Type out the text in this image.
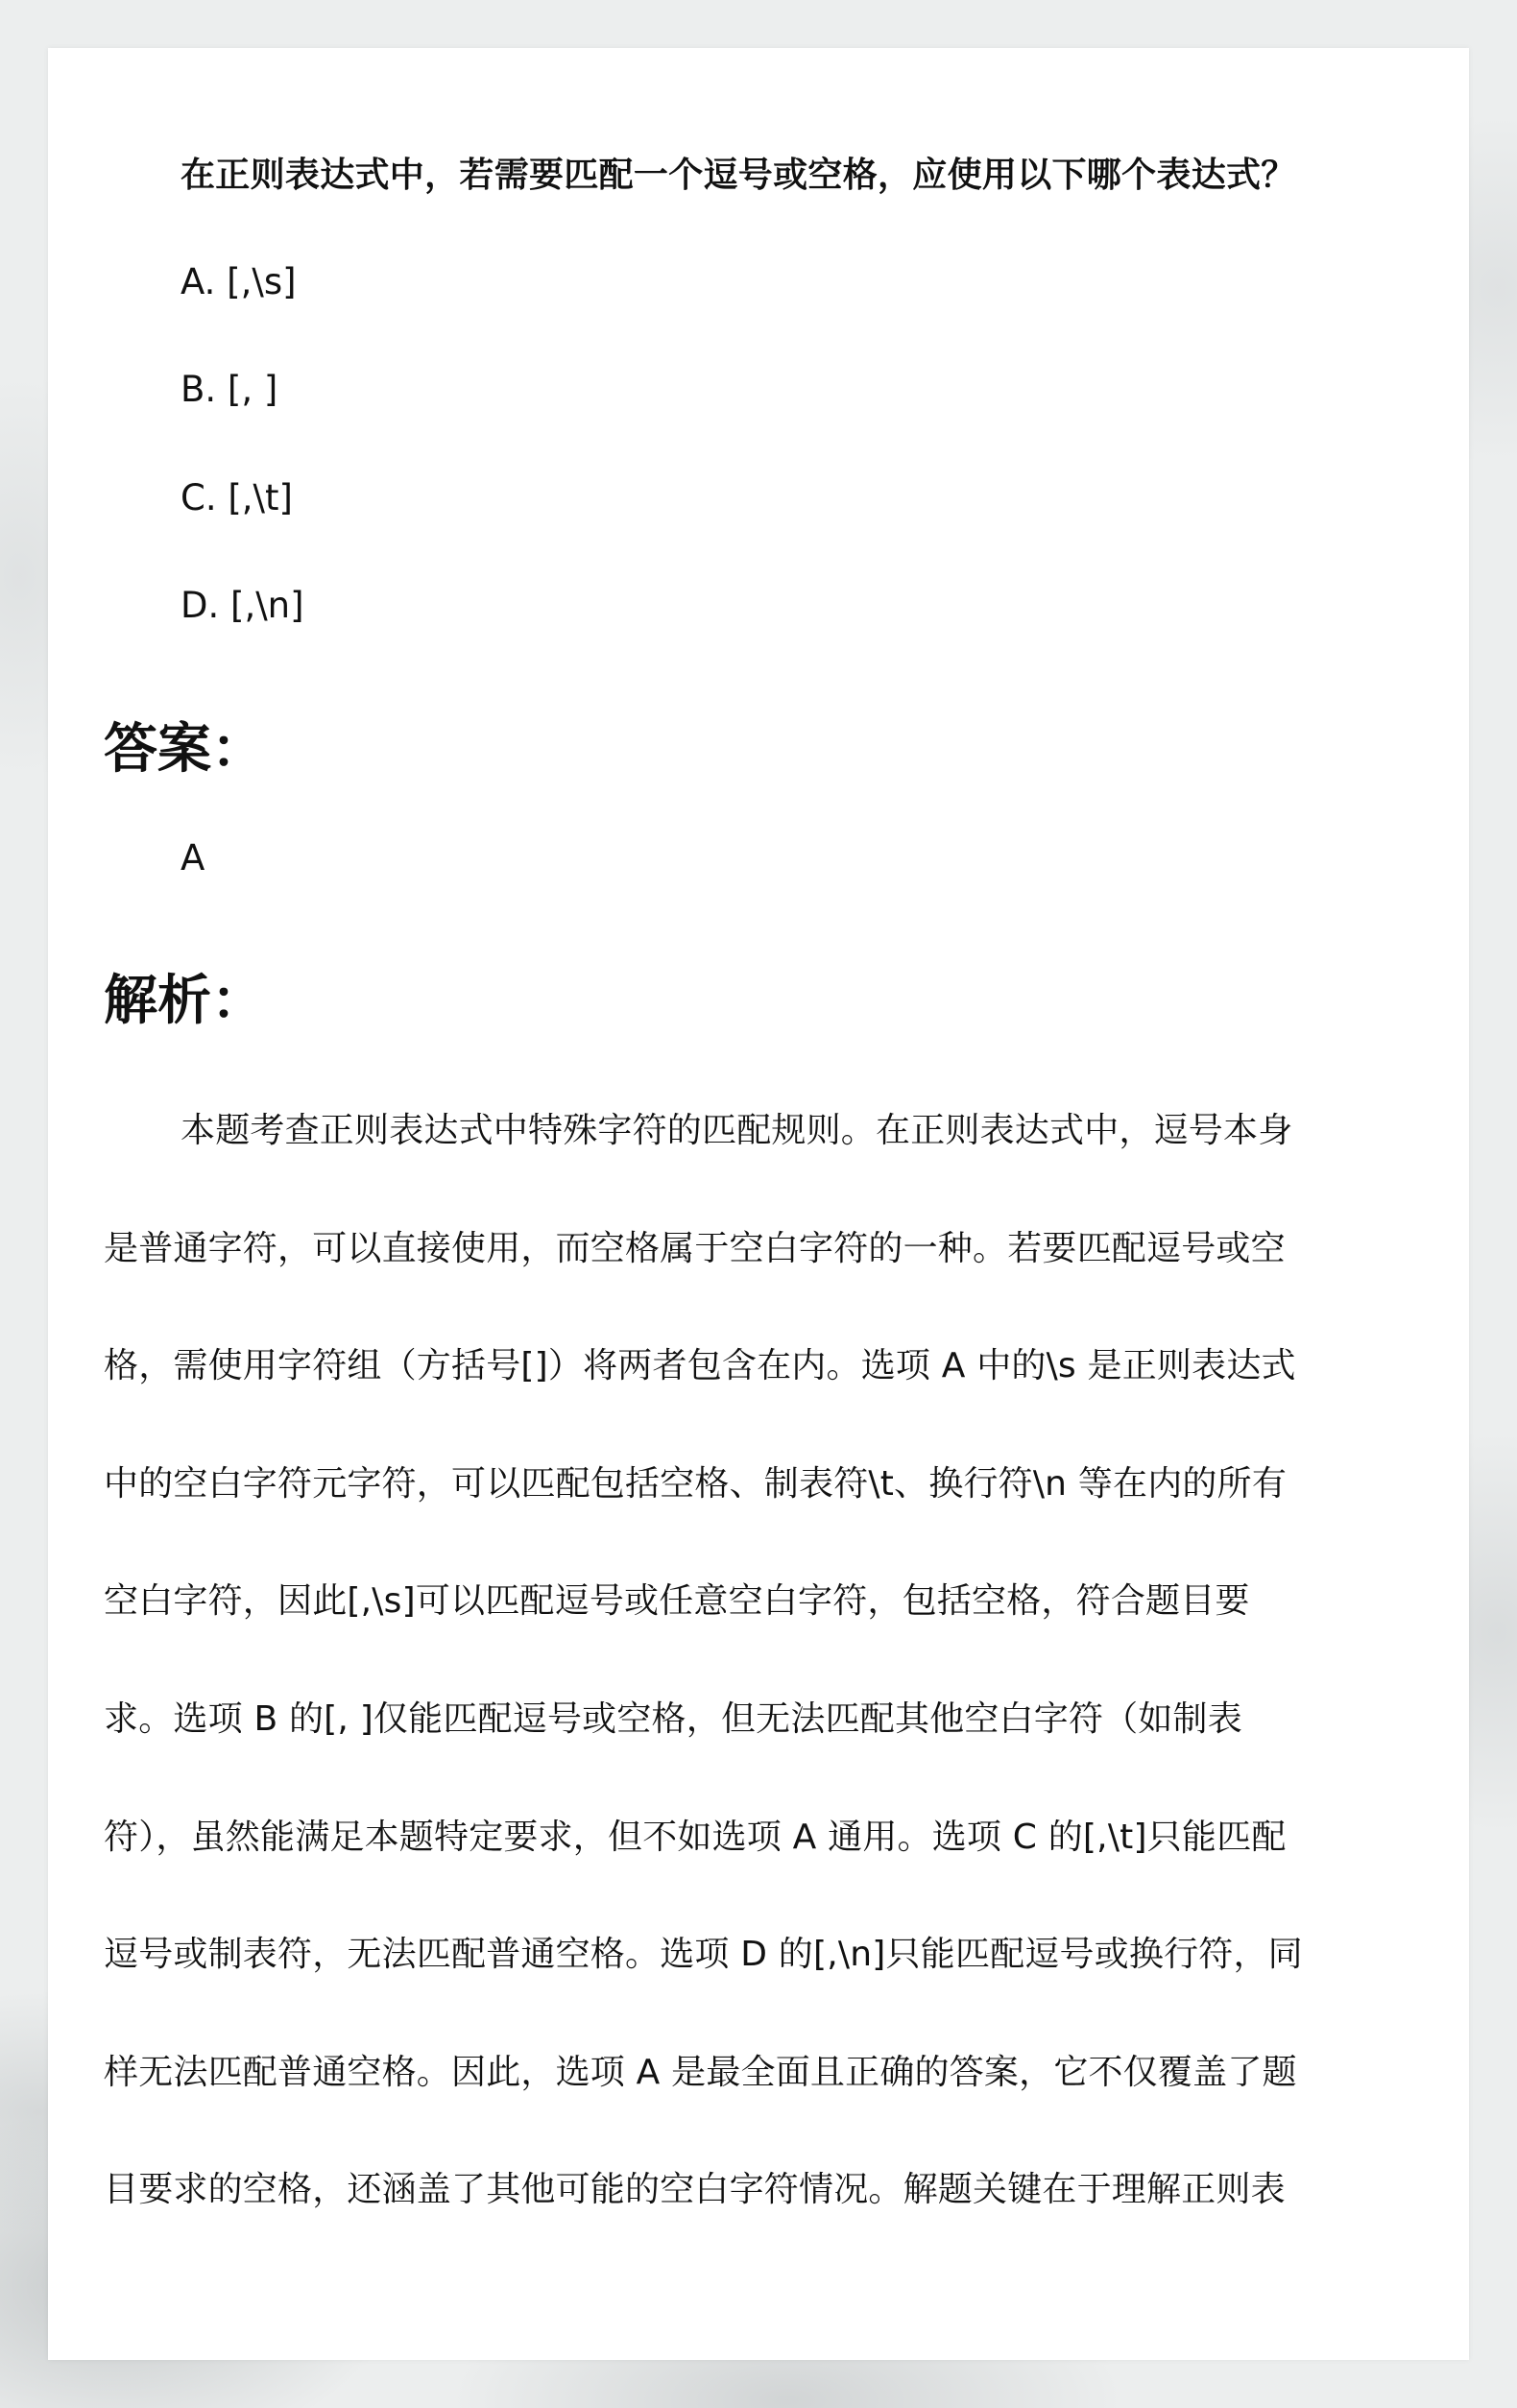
在正则表达式中，若需要匹配一个逗号或空格，应使用以下哪个表达式？
A. [,\s]
B. [, ]
C. [,\t]
D. [,\n]
答案：
A
解析：
本题考查正则表达式中特殊字符的匹配规则。在正则表达式中，逗号本身
是普通字符，可以直接使用，而空格属于空白字符的一种。若要匹配逗号或空
格，需使用字符组（方括号[]）将两者包含在内。选项 A 中的\s 是正则表达式
中的空白字符元字符，可以匹配包括空格、制表符\t、换行符\n 等在内的所有
空白字符，因此[,\s]可以匹配逗号或任意空白字符，包括空格，符合题目要
求。选项 B 的[, ]仅能匹配逗号或空格，但无法匹配其他空白字符（如制表
符），虽然能满足本题特定要求，但不如选项 A 通用。选项 C 的[,\t]只能匹配
逗号或制表符，无法匹配普通空格。选项 D 的[,\n]只能匹配逗号或换行符，同
样无法匹配普通空格。因此，选项 A 是最全面且正确的答案，它不仅覆盖了题
目要求的空格，还涵盖了其他可能的空白字符情况。解题关键在于理解正则表
